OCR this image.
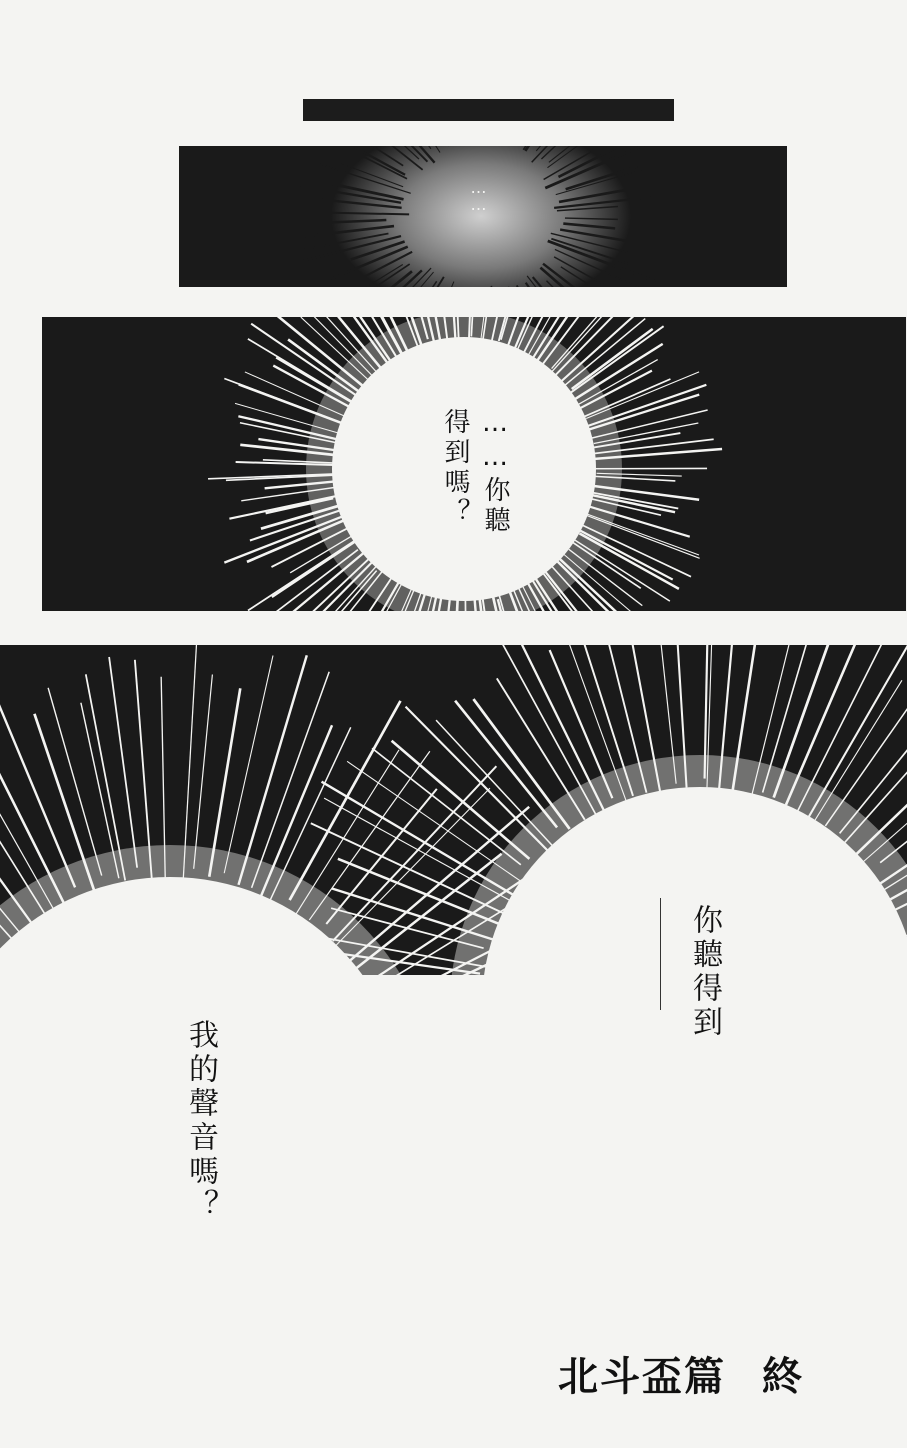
……
……你聽
得到嗎？
你聽得到
我的聲音嗎？
北斗盃篇 終
